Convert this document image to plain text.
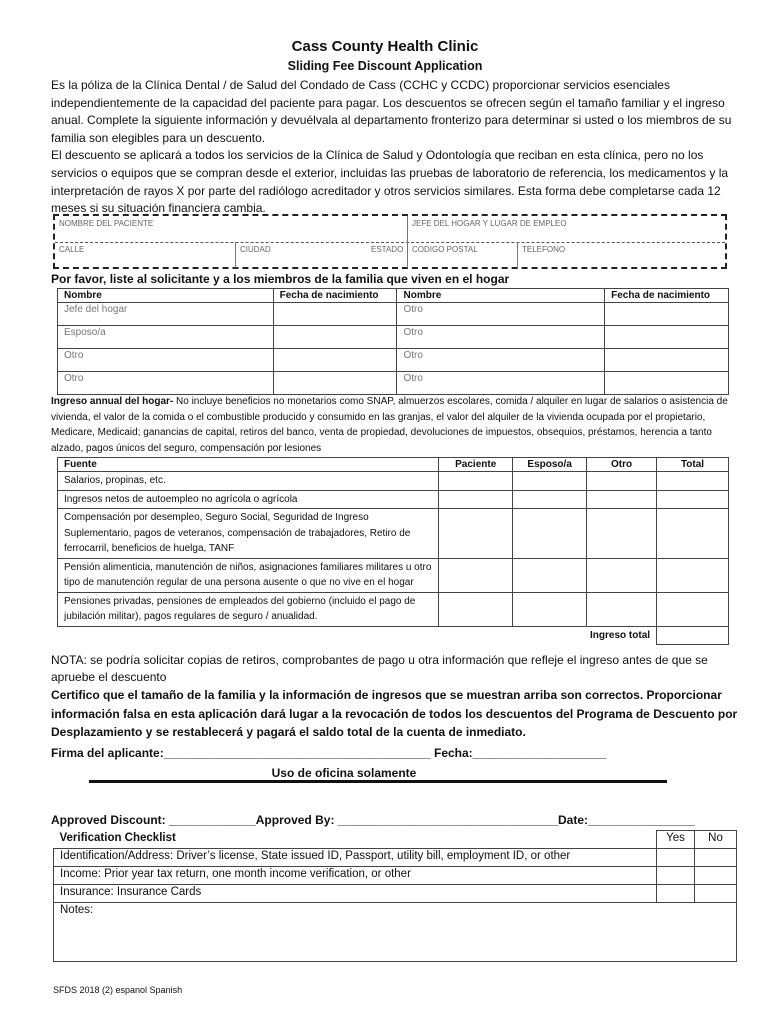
Cass County Health Clinic
Sliding Fee Discount Application

Es la póliza de la Clínica Dental / de Salud del Condado de Cass (CCHC y CCDC) proporcionar servicios esenciales independientemente de la capacidad del paciente para pagar. Los descuentos se ofrecen según el tamaño familiar y el ingreso anual. Complete la siguiente información y devuélvala al departamento fronterizo para determinar si usted o los miembros de su familia son elegibles para un descuento.

El descuento se aplicará a todos los servicios de la Clínica de Salud y Odontología que reciban en esta clínica, pero no los servicios o equipos que se compran desde el exterior, incluidas las pruebas de laboratorio de referencia, los medicamentos y la interpretación de rayos X por parte del radiólogo acreditador y otros servicios similares. Esta forma debe completarse cada 12 meses si su situación financiera cambia.

NOMBRE DEL PACIENTE	JEFE DEL HOGAR Y LUGAR DE EMPLEO
CALLE	CIUDAD	ESTADO	CODIGO POSTAL	TELEFONO
Por favor, liste al solicitante y a los miembros de la familia que viven en el hogar
Nombre	Fecha de nacimiento	Nombre	Fecha de nacimiento
Jefe del hogar		Otro	
Esposo/a		Otro	
Otro		Otro	
Otro		Otro	
Ingreso annual del hogar- No incluye beneficios no monetarios como SNAP, almuerzos escolares, comida / alquiler en lugar de salarios o asistencia de vivienda, el valor de la comida o el combustible producido y consumido en las granjas, el valor del alquiler de la vivienda ocupada por el propietario, Medicare, Medicaid; ganancias de capital, retiros del banco, venta de propiedad, devoluciones de impuestos, obsequios, préstamos, herencia a tanto alzado, pagos únicos del seguro, compensación por lesiones
Fuente	Paciente	Esposo/a	Otro	Total
Salarios, propinas, etc.				
Ingresos netos de autoempleo no agrícola o agrícola				
Compensación por desempleo, Seguro Social, Seguridad de Ingreso Suplementario, pagos de veteranos, compensación de trabajadores, Retiro de ferrocarril, beneficios de huelga, TANF				
Pensión alimenticia, manutención de niños, asignaciones familiares militares u otro tipo de manutención regular de una persona ausente o que no vive en el hogar				
Pensiones privadas, pensiones de empleados del gobierno (incluido el pago de jubilación militar), pagos regulares de seguro / anualidad.				
Ingreso total				
NOTA: se podría solicitar copias de retiros, comprobantes de pago u otra información que refleje el ingreso antes de que se apruebe el descuento
Certifico que el tamaño de la familia y la información de ingresos que se muestran arriba son correctos. Proporcionar información falsa en esta aplicación dará lugar a la revocación de todos los descuentos del Programa de Descuento por Desplazamiento y se restablecerá y pagará el saldo total de la cuenta de inmediato.
Firma del aplicante:________________________________________ Fecha:____________________
Uso de oficina solamente
Approved Discount: _____________Approved By: _________________________________Date:________________
Verification Checklist	Yes	No
Identification/Address: Driver’s license, State issued ID, Passport, utility bill, employment ID, or other		
Income: Prior year tax return, one month income verification, or other		
Insurance: Insurance Cards		
Notes:		
SFDS 2018 (2) espanol Spanish
